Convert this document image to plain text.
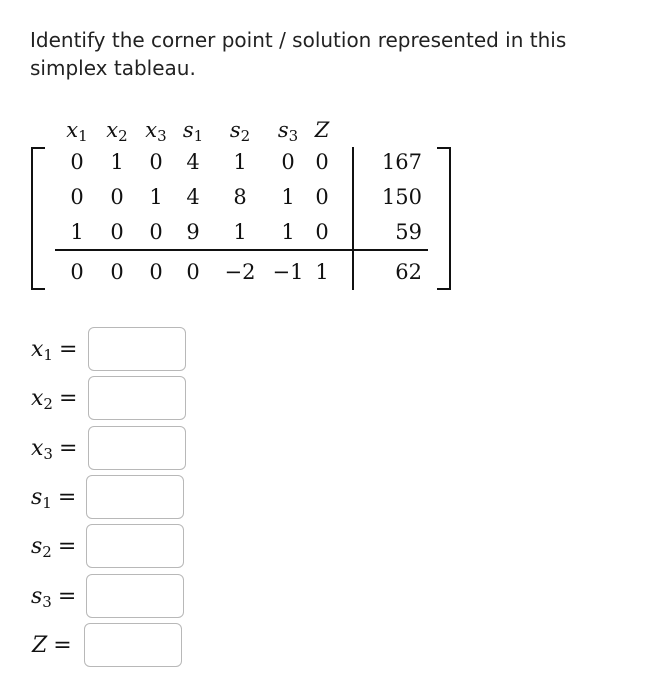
Identify the corner point / solution represented in this simplex tableau.
$x_1$ $x_2$ $x_3$ $s_1$ $s_2$ $s_3$ Z
0 1 0 4 1 0 0	167
0 0 1 4 8 1 0	150
1 0 0 9 1 1 0	59
0 0 0 0 −2 −1 1	62
$x_1$ =
$x_2$ =
$x_3$ =
$s_1$ =
$s_2$ =
$s_3$ =
Z =
